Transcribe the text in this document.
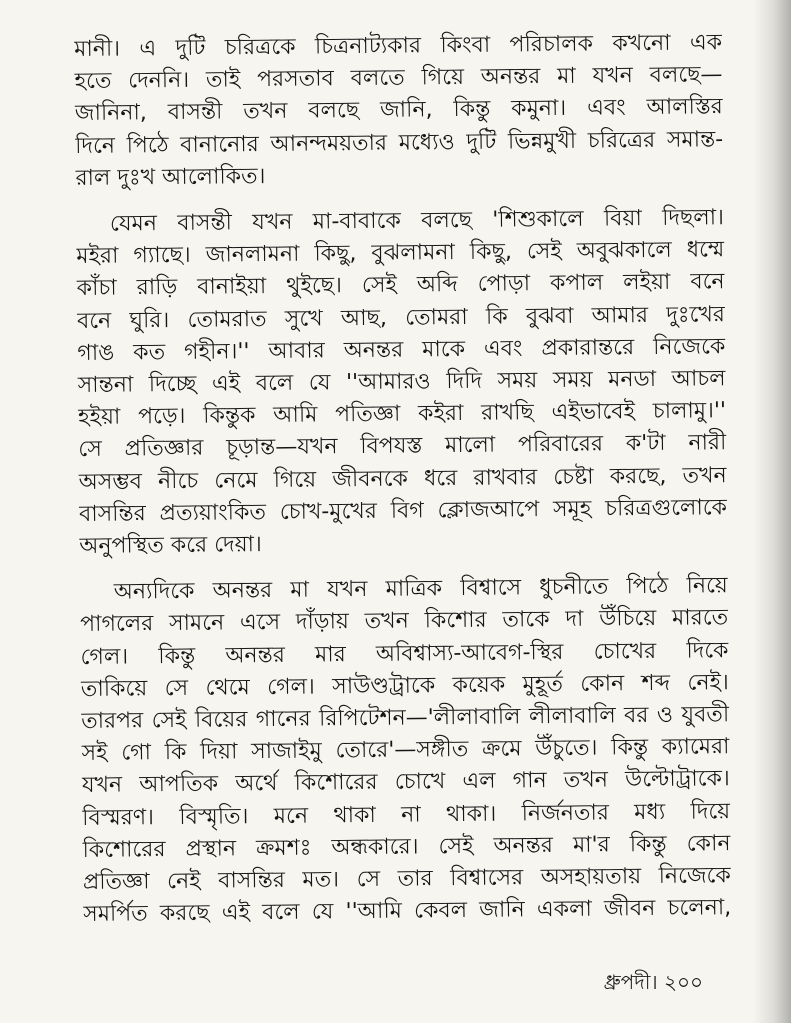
মানী। এ দুটি চরিত্রকে চিত্রনাট্যকার কিংবা পরিচালক কখনো এক
হতে দেননি। তাই পরসতাব বলতে গিয়ে অনন্তর মা যখন বলছে—
জানিনা, বাসন্তী তখন বলছে জানি, কিন্তু কমুনা। এবং আলস্তির
দিনে পিঠে বানানোর আনন্দময়তার মধ্যেও দুটি ভিন্নমুখী চরিত্রের সমান্ত-
রাল দুঃখ আলোকিত।
যেমন বাসন্তী যখন মা-বাবাকে বলছে 'শিশুকালে বিয়া দিছলা।
মইরা গ্যাছে। জানলামনা কিছু, বুঝলামনা কিছু, সেই অবুঝকালে ধম্মে
কাঁচা রাড়ি বানাইয়া থুইছে। সেই অব্দি পোড়া কপাল লইয়া বনে
বনে ঘুরি। তোমরাত সুখে আছ, তোমরা কি বুঝবা আমার দুঃখের
গাঙ কত গহীন।'' আবার অনন্তর মাকে এবং প্রকারান্তরে নিজেকে
সান্তনা দিচ্ছে এই বলে যে ''আমারও দিদি সময় সময় মনডা আচল
হইয়া পড়ে। কিন্তুক আমি পতিজ্ঞা কইরা রাখছি এইভাবেই চালামু।''
সে প্রতিজ্ঞার চূড়ান্ত—যখন বিপযস্ত মালো পরিবারের ক'টা নারী
অসম্ভব নীচে নেমে গিয়ে জীবনকে ধরে রাখবার চেষ্টা করছে, তখন
বাসন্তির প্রত্যয়াংকিত চোখ-মুখের বিগ ক্লোজআপে সমূহ চরিত্রগুলোকে
অনুপস্থিত করে দেয়া।
অন্যদিকে অনন্তর মা যখন মাত্রিক বিশ্বাসে ধুচনীতে পিঠে নিয়ে
পাগলের সামনে এসে দাঁড়ায় তখন কিশোর তাকে দা উঁচিয়ে মারতে
গেল। কিন্তু অনন্তর মার অবিশ্বাস্য-আবেগ-স্থির চোখের দিকে
তাকিয়ে সে থেমে গেল। সাউণ্ডট্রাকে কয়েক মুহূর্ত কোন শব্দ নেই।
তারপর সেই বিয়ের গানের রিপিটেশন—'লীলাবালি লীলাবালি বর ও যুবতী
সই গো কি দিয়া সাজাইমু তোরে'—সঙ্গীত ক্রমে উঁচুতে। কিন্তু ক্যামেরা
যখন আপতিক অর্থে কিশোরের চোখে এল গান তখন উল্টোট্রাকে।
বিস্মরণ। বিস্মৃতি। মনে থাকা না থাকা। নির্জনতার মধ্য দিয়ে
কিশোরের প্রস্থান ক্রমশঃ অন্ধকারে। সেই অনন্তর মা'র কিন্তু কোন
প্রতিজ্ঞা নেই বাসন্তির মত। সে তার বিশ্বাসের অসহায়তায় নিজেকে
সমর্পিত করছে এই বলে যে ''আমি কেবল জানি একলা জীবন চলেনা,
ধ্রুপদী। ২০০
